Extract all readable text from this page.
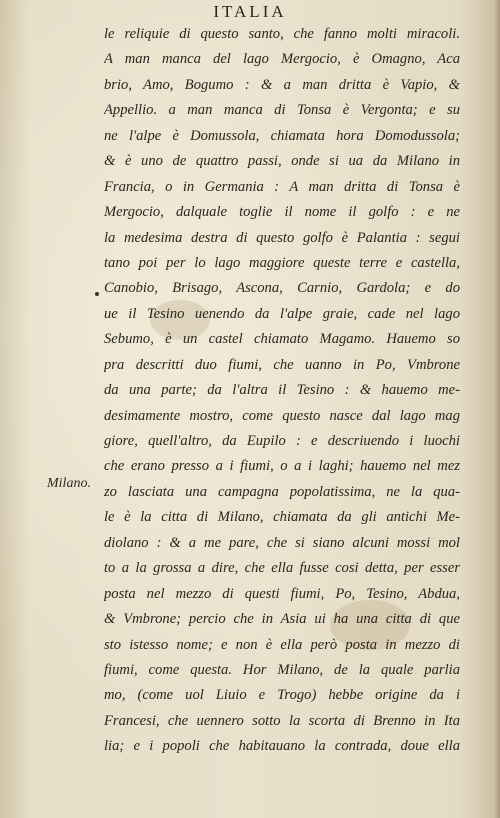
ITALIA
Milano.
le reliquie di questo santo, che fanno molti miracoli.
A man manca del lago Mergocio, è Omagno, Aca
brio, Amo, Bogumo : & a man dritta è Vapio, &
Appellio. a man manca di Tonsa è Vergonta; e su
ne l'alpe è Domussola, chiamata hora Domodussola;
& è uno de quattro passi, onde si ua da Milano in
Francia, o in Germania : A man dritta di Tonsa è
Mergocio, dalquale toglie il nome il golfo : e ne
la medesima destra di questo golfo è Palantia : segui
tano poi per lo lago maggiore queste terre e castella,
Canobio, Brisago, Ascona, Carnio, Gardola; e do
ue il Tesino uenendo da l'alpe graie, cade nel lago
Sebumo, è un castel chiamato Magamo. Hauemo so
pra descritti duo fiumi, che uanno in Po, Vmbrone
da una parte; da l'altra il Tesino : & hauemo me-
desimamente mostro, come questo nasce dal lago mag
giore, quell'altro, da Eupilo : e descriuendo i luochi
che erano presso a i fiumi, o a i laghi; hauemo nel mez
zo lasciata una campagna popolatissima, ne la qua-
le è la citta di Milano, chiamata da gli antichi Me-
diolano : & a me pare, che si siano alcuni mossi mol
to a la grossa a dire, che ella fusse cosi detta, per esser
posta nel mezzo di questi fiumi, Po, Tesino, Abdua,
& Vmbrone; percio che in Asia ui ha una citta di que
sto istesso nome; e non è ella però posta in mezzo di
fiumi, come questa. Hor Milano, de la quale parlia
mo, (come uol Liuio e Trogo) hebbe origine da i
Francesi, che uennero sotto la scorta di Brenno in Ita
lia; e i popoli che habitauano la contrada, doue ella
